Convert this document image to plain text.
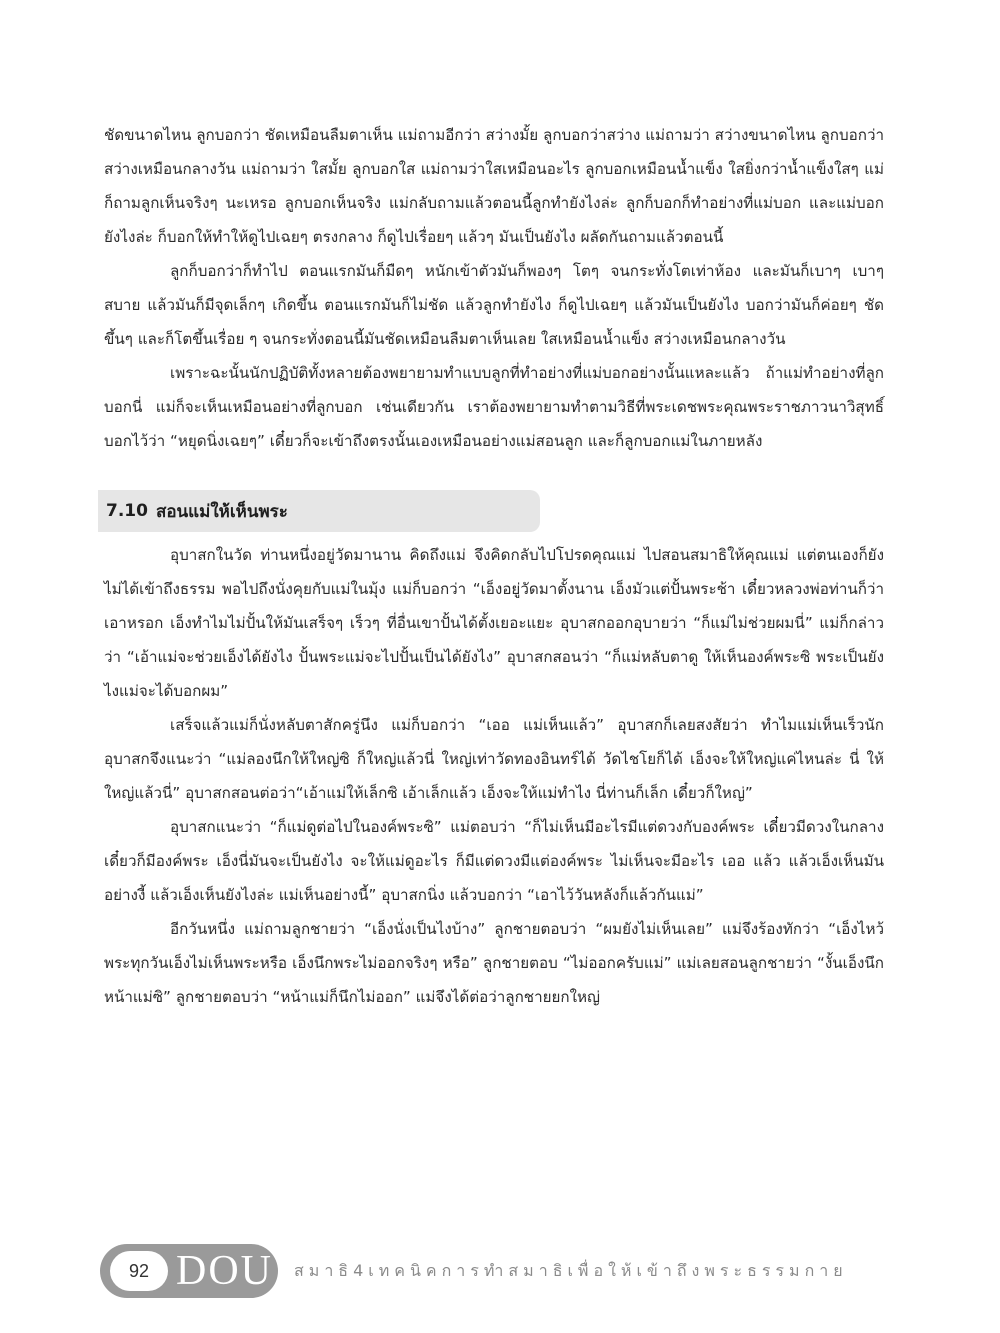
ชัดขนาดไหน ลูกบอกว่า ชัดเหมือนลืมตาเห็น แม่ถามอีกว่า สว่างมั้ย ลูกบอกว่าสว่าง แม่ถามว่า สว่างขนาดไหน ลูกบอกว่า สว่างเหมือนกลางวัน แม่ถามว่า ใสมั้ย ลูกบอกใส แม่ถามว่าใสเหมือนอะไร ลูกบอกเหมือนน้ำแข็ง ใสยิ่งกว่าน้ำแข็งใสๆ แม่ก็ถามลูกเห็นจริงๆ นะเหรอ ลูกบอกเห็นจริง แม่กลับถามแล้วตอนนี้ลูกทำยังไงล่ะ ลูกก็บอกก็ทำอย่างที่แม่บอก และแม่บอกยังไงล่ะ ก็บอกให้ทำให้ดูไปเฉยๆ ตรงกลาง ก็ดูไปเรื่อยๆ แล้วๆ มันเป็นยังไง ผลัดกันถามแล้วตอนนี้

ลูกก็บอกว่าก็ทำไป ตอนแรกมันก็มืดๆ หนักเข้าตัวมันก็พองๆ โตๆ จนกระทั่งโตเท่าห้อง และมันก็เบาๆ เบาๆ สบาย แล้วมันก็มีจุดเล็กๆ เกิดขึ้น ตอนแรกมันก็ไม่ชัด แล้วลูกทำยังไง ก็ดูไปเฉยๆ แล้วมันเป็นยังไง บอกว่ามันก็ค่อยๆ ชัดขึ้นๆ และก็โตขึ้นเรื่อย ๆ จนกระทั่งตอนนี้มันชัดเหมือนลืมตาเห็นเลย ใสเหมือนน้ำแข็ง สว่างเหมือนกลางวัน

เพราะฉะนั้นนักปฏิบัติทั้งหลายต้องพยายามทำแบบลูกที่ทำอย่างที่แม่บอกอย่างนั้นแหละแล้ว ถ้าแม่ทำอย่างที่ลูกบอกนี่ แม่ก็จะเห็นเหมือนอย่างที่ลูกบอก เช่นเดียวกัน เราต้องพยายามทำตามวิธีที่พระเดชพระคุณพระราชภาวนาวิสุทธิ์บอกไว้ว่า “หยุดนิ่งเฉยๆ” เดี๋ยวก็จะเข้าถึงตรงนั้นเองเหมือนอย่างแม่สอนลูก และก็ลูกบอกแม่ในภายหลัง

7.10 สอนแม่ให้เห็นพระ

อุบาสกในวัด ท่านหนึ่งอยู่วัดมานาน คิดถึงแม่ จึงคิดกลับไปโปรดคุณแม่ ไปสอนสมาธิให้คุณแม่ แต่ตนเองก็ยังไม่ได้เข้าถึงธรรม พอไปถึงนั่งคุยกับแม่ในมุ้ง แม่ก็บอกว่า “เอ็งอยู่วัดมาตั้งนาน เอ็งมัวแต่ปั้นพระช้า เดี๋ยวหลวงพ่อท่านก็ว่าเอาหรอก เอ็งทำไมไม่ปั้นให้มันเสร็จๆ เร็วๆ ที่อื่นเขาปั้นได้ตั้งเยอะแยะ อุบาสกออกอุบายว่า “ก็แม่ไม่ช่วยผมนี่” แม่ก็กล่าวว่า “เอ้าแม่จะช่วยเอ็งได้ยังไง ปั้นพระแม่จะไปปั้นเป็นได้ยังไง” อุบาสกสอนว่า “ก็แม่หลับตาดู ให้เห็นองค์พระซิ พระเป็นยังไงแม่จะได้บอกผม”

เสร็จแล้วแม่ก็นั่งหลับตาสักครู่นึง แม่ก็บอกว่า “เออ แม่เห็นแล้ว” อุบาสกก็เลยสงสัยว่า ทำไมแม่เห็นเร็วนัก อุบาสกจึงแนะว่า “แม่ลองนึกให้ใหญ่ซิ ก็ใหญ่แล้วนี่ ใหญ่เท่าวัดทองอินทร์ได้ วัดไชโยก็ได้ เอ็งจะให้ใหญ่แค่ไหนล่ะ นี่ ให้ใหญ่แล้วนี่” อุบาสกสอนต่อว่า“เอ้าแม่ให้เล็กซิ เอ้าเล็กแล้ว เอ็งจะให้แม่ทำไง นี่ท่านก็เล็ก เดี๋ยวก็ใหญ่”

อุบาสกแนะว่า “ก็แม่ดูต่อไปในองค์พระซิ” แม่ตอบว่า “ก็ไม่เห็นมีอะไรมีแต่ดวงกับองค์พระ เดี๋ยวมีดวงในกลาง เดี๋ยวก็มีองค์พระ เอ็งนี่มันจะเป็นยังไง จะให้แม่ดูอะไร ก็มีแต่ดวงมีแต่องค์พระ ไม่เห็นจะมีอะไร เออ แล้ว แล้วเอ็งเห็นมันอย่างงี้ แล้วเอ็งเห็นยังไงล่ะ แม่เห็นอย่างนี้” อุบาสกนิ่ง แล้วบอกว่า “เอาไว้วันหลังก็แล้วกันแม่”

อีกวันหนึ่ง แม่ถามลูกชายว่า “เอ็งนั่งเป็นไงบ้าง” ลูกชายตอบว่า “ผมยังไม่เห็นเลย” แม่จึงร้องทักว่า “เอ็งไหว้พระทุกวันเอ็งไม่เห็นพระหรือ เอ็งนึกพระไม่ออกจริงๆ หรือ” ลูกชายตอบ “ไม่ออกครับแม่” แม่เลยสอนลูกชายว่า “งั้นเอ็งนึกหน้าแม่ซิ” ลูกชายตอบว่า “หน้าแม่ก็นึกไม่ออก” แม่จึงได้ต่อว่าลูกชายยกใหญ่

92 DOU สมาธิ4เทคนิคการทำสมาธิเพื่อให้เข้าถึงพระธรรมกาย
